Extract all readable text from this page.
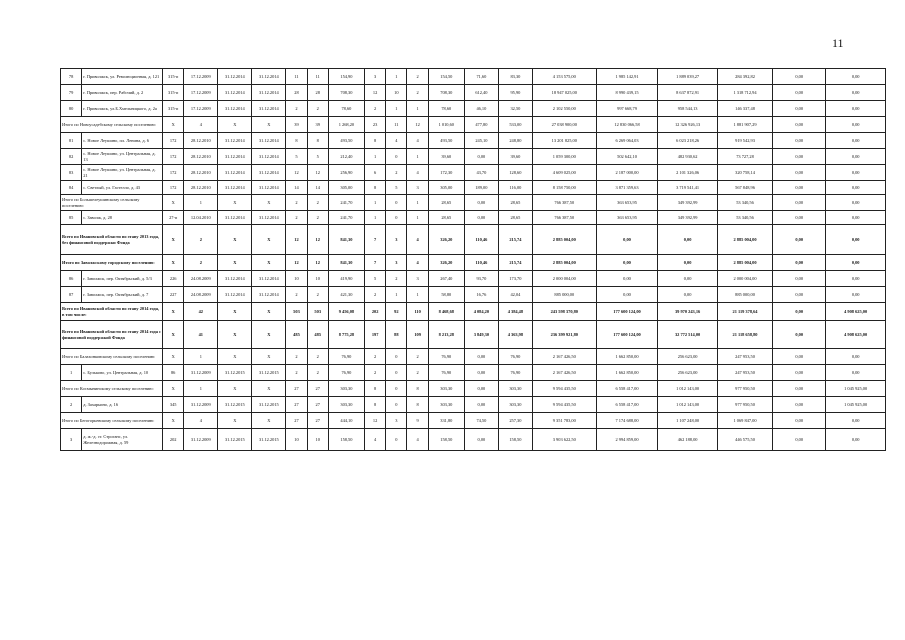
11
78	г. Приволжск, ул. Революционная, д. 121	315-п	17.12.2009	31.12.2014	31.12.2014	11	11	154,90	3	1	2	154,50	71,60	83,30	4 153 575,00	1 985 142,91	1 889 039,27	284 392,82	0,00	0,00
79	г. Приволжск, пер. Рабочий, д. 2	315-п	17.12.2009	31.12.2014	31.12.2014	28	28	708,30	12	10	2	708,30	612,40	95,90	18 947 025,00	8 990 439,15	8 637 872,91	1 318 712,94	0,00	0,00
80	г. Приволжск, ул.Б.Хмельницкого, д. 2а	315-п	17.12.2009	31.12.2014	31.12.2014	2	2	78,60	2	1	1	78,60	46,10	32,50	2 102 550,00	997 668,79	958 544,13	146 337,48	0,00	0,00
Итого по Новоусадебскому сельскому поселению:		X	4	X	X	39	39	1 268,20	23	11	12	1 010,60	477,80	533,00	27 038 900,00	12 830 066,58	12 326 926,13	1 881 907,29	0,00	0,00
81	с. Новое Леушино, пл. Ленина, д. 6	172	28.12.2010	31.12.2014	31.12.2014	8	8	493,50	8	4	4	493,50	245,10	248,80	13 201 825,00	6 269 064,03	6 023 218,26	919 542,93	0,00	0,00
82	с. Новое Леушино, ул. Центральная, д. 13	172	28.12.2010	31.12.2014	31.12.2014	5	5	212,40	1	0	1	39,60	0,00	39,60	1 059 300,00	502 642,10	482 930,62	73 727,28	0,00	0,00
83	с. Новое Леушино, ул. Центральная, д. 21	172	28.12.2010	31.12.2014	31.12.2014	12	12	256,90	6	2	4	172,30	43,70	128,60	4 609 025,00	2 187 000,00	2 101 326,06	320 758,14	0,00	0,00
84	с. Светлый, ул. Гастелло, д. 43	172	28.12.2010	31.12.2014	31.12.2014	14	14	305,00	8	5	3	305,00	189,00	116,00	8 158 750,00	3 871 359,63	3 719 541,41	567 848,96	0,00	0,00
Итого по Большелеушинскому сельскому поселению:		X	1	X	X	2	2	241,70	1	0	1	28,65	0,00	28,65	766 387,50	363 653,95	349 392,99	53 340,56	0,00	0,00
85	с. Заволж, д. 28	27-п	12.04.2010	31.12.2014	31.12.2014	2	2	241,70	1	0	1	28,65	0,00	28,65	766 387,50	363 653,95	349 392,99	53 340,56	0,00	0,00
Всего по Ивановской области по этапу 2013 года, без финансовой поддержки Фонда		X	2	X	X	12	12	841,30	7	3	4	326,20	110,46	215,74	2 885 004,00	0,00	0,00	2 885 004,00	0,00	0,00
Итого по Заволжскому городскому поселению:		X	2	X	X	12	12	841,30	7	3	4	326,20	110,46	215,74	2 885 004,00	0,00	0,00	2 885 004,00	0,00	0,00
86	г. Заволжск, пер. Октябрьский, д. 5/3	226	24.08.2009	31.12.2014	31.12.2014	10	10	419,90	5	2	3	267,40	93,70	173,70	2 000 004,00	0,00	0,00	2 000 004,00	0,00	0,00
87	г. Заволжск, пер. Октябрьский, д. 7	227	24.08.2009	31.12.2014	31.12.2014	2	2	421,30	2	1	1	58,80	16,76	42,04	885 000,00	0,00	0,00	885 000,00	0,00	0,00
Всего по Ивановской области по этапу 2014 года, в том числе:		X	42	X	X	503	503	9 456,08	202	92	110	8 468,68	4 084,20	4 384,48	243 598 370,80	177 600 124,00	39 970 243,16	21 119 378,64	0,00	4 908 625,00
Всего по Ивановской области по этапу 2014 года с финансовой поддержкой Фонда		X	41	X	X	485	485	8 775,28	197	88	109	8 213,28	3 849,30	4 363,98	236 399 921,80	177 600 124,00	32 772 514,00	21 118 658,80	0,00	4 908 625,00
Итого по Балахонковскому сельскому поселению:		X	1	X	X	2	2	76,90	2	0	2	76,90	0,00	76,90	2 167 426,50	1 662 850,00	256 623,00	247 953,50	0,00	0,00
1	с. Бульково, ул. Центральная, д. 10	86	31.12.2009	31.12.2015	31.12.2015	2	2	76,90	2	0	2	76,90	0,00	76,90	2 167 426,50	1 662 850,00	256 623,00	247 953,50	0,00	0,00
Итого по Космынинскому сельскому поселению:		X	1	X	X	27	27	303,30	8	0	8	303,30	0,00	303,30	9 594 435,50	6 558 417,00	1 012 143,00	977 950,50	0,00	1 045 925,00
2	д. Захарьино, д. 16	345	31.12.2009	31.12.2015	31.12.2015	27	27	303,30	8	0	8	303,30	0,00	303,30	9 594 435,50	6 558 417,00	1 012 143,00	977 950,50	0,00	1 045 925,00
Итого по Бегогорьевскому сельскому поселению:		X	4	X	X	27	27	444,10	12	3	9	331,80	74,50	257,30	9 351 783,00	7 174 688,00	1 107 248,00	1 069 847,00	0,00	0,00
3	д. ж.-д. ст. Строганс, ул. Железнодорожная, д. 59	202	31.12.2009	31.12.2015	31.12.2015	10	10	158,50	4	0	4	158,50	0,00	158,50	3 903 622,50	2 994 859,00	462 188,00	446 575,50	0,00	0,00
